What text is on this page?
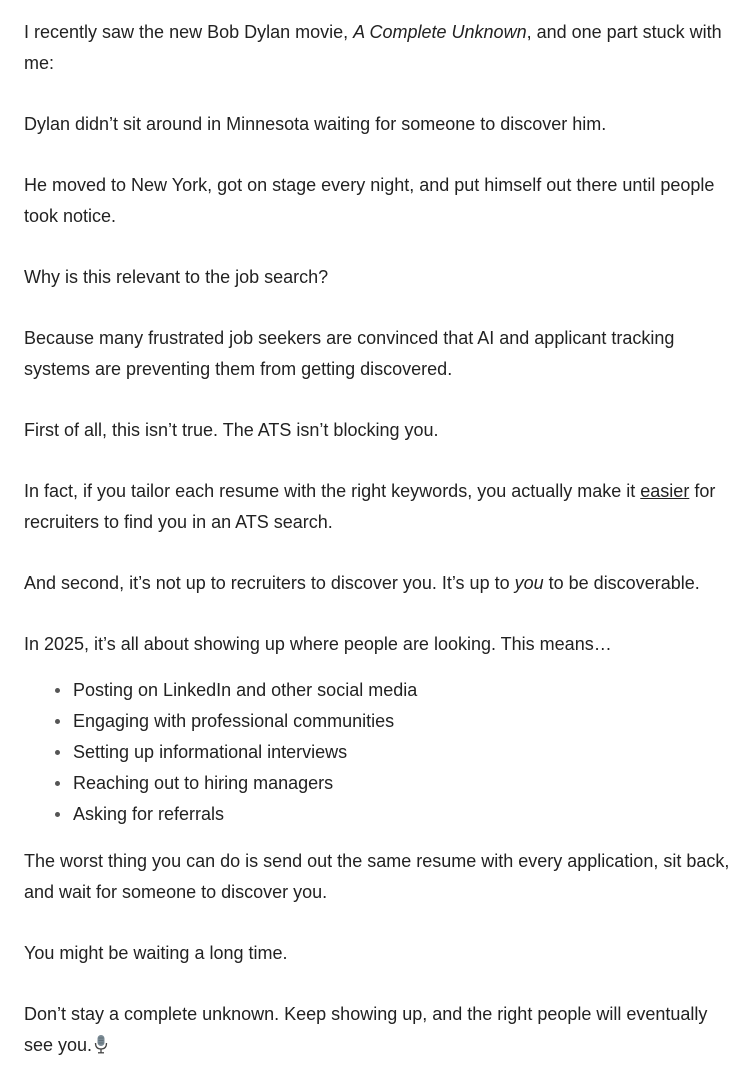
I recently saw the new Bob Dylan movie, A Complete Unknown, and one part stuck with me:

Dylan didn’t sit around in Minnesota waiting for someone to discover him.

He moved to New York, got on stage every night, and put himself out there until people took notice.

Why is this relevant to the job search?

Because many frustrated job seekers are convinced that AI and applicant tracking systems are preventing them from getting discovered.

First of all, this isn’t true. The ATS isn’t blocking you.

In fact, if you tailor each resume with the right keywords, you actually make it easier for recruiters to find you in an ATS search.

And second, it’s not up to recruiters to discover you. It’s up to you to be discoverable.

In 2025, it’s all about showing up where people are looking. This means…

Posting on LinkedIn and other social media
Engaging with professional communities
Setting up informational interviews
Reaching out to hiring managers
Asking for referrals

The worst thing you can do is send out the same resume with every application, sit back, and wait for someone to discover you.

You might be waiting a long time.

Don’t stay a complete unknown. Keep showing up, and the right people will eventually see you.
